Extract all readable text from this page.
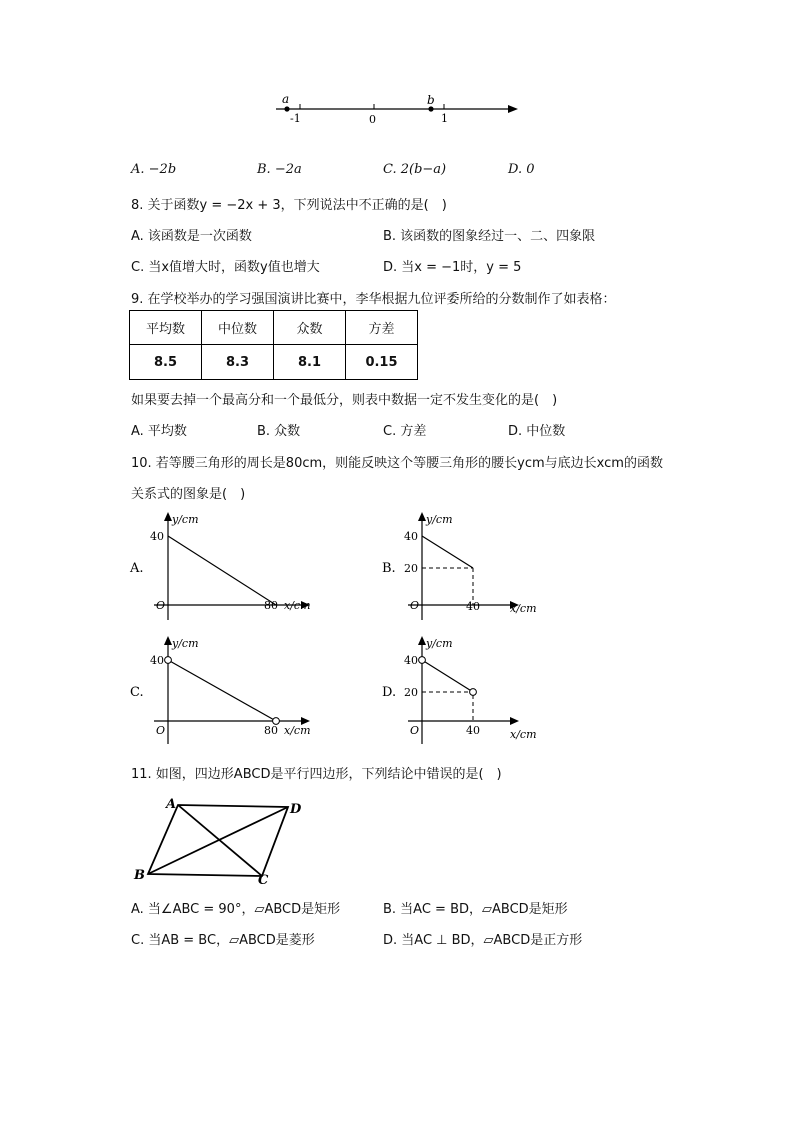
a	b
-1	0	1
A. −2b	B. −2a	C. 2(b−a)	D. 0
8. 关于函数y = −2x + 3，下列说法中不正确的是(　)
A. 该函数是一次函数	B. 该函数的图象经过一、二、四象限
C. 当x值增大时，函数y值也增大	D. 当x = −1时，y = 5
9. 在学校举办的学习强国演讲比赛中，李华根据九位评委所给的分数制作了如表格：
平均数	中位数	众数	方差
8.5	8.3	8.1	0.15
如果要去掉一个最高分和一个最低分，则表中数据一定不发生变化的是(　)
A. 平均数	B. 众数	C. 方差	D. 中位数
10. 若等腰三角形的周长是80cm，则能反映这个等腰三角形的腰长ycm与底边长xcm的函数
关系式的图象是(　)
A.
y/cm
40
O	80 x/cm
B.
y/cm
40
20
O	40	x/cm
C.
y/cm
40
O	80 x/cm
D.
y/cm
40
20
O	40	x/cm
11. 如图，四边形ABCD是平行四边形，下列结论中错误的是(　)
A	D
B	C
A. 当∠ABC = 90°，▱ABCD是矩形	B. 当AC = BD，▱ABCD是矩形
C. 当AB = BC，▱ABCD是菱形	D. 当AC ⊥ BD，▱ABCD是正方形
